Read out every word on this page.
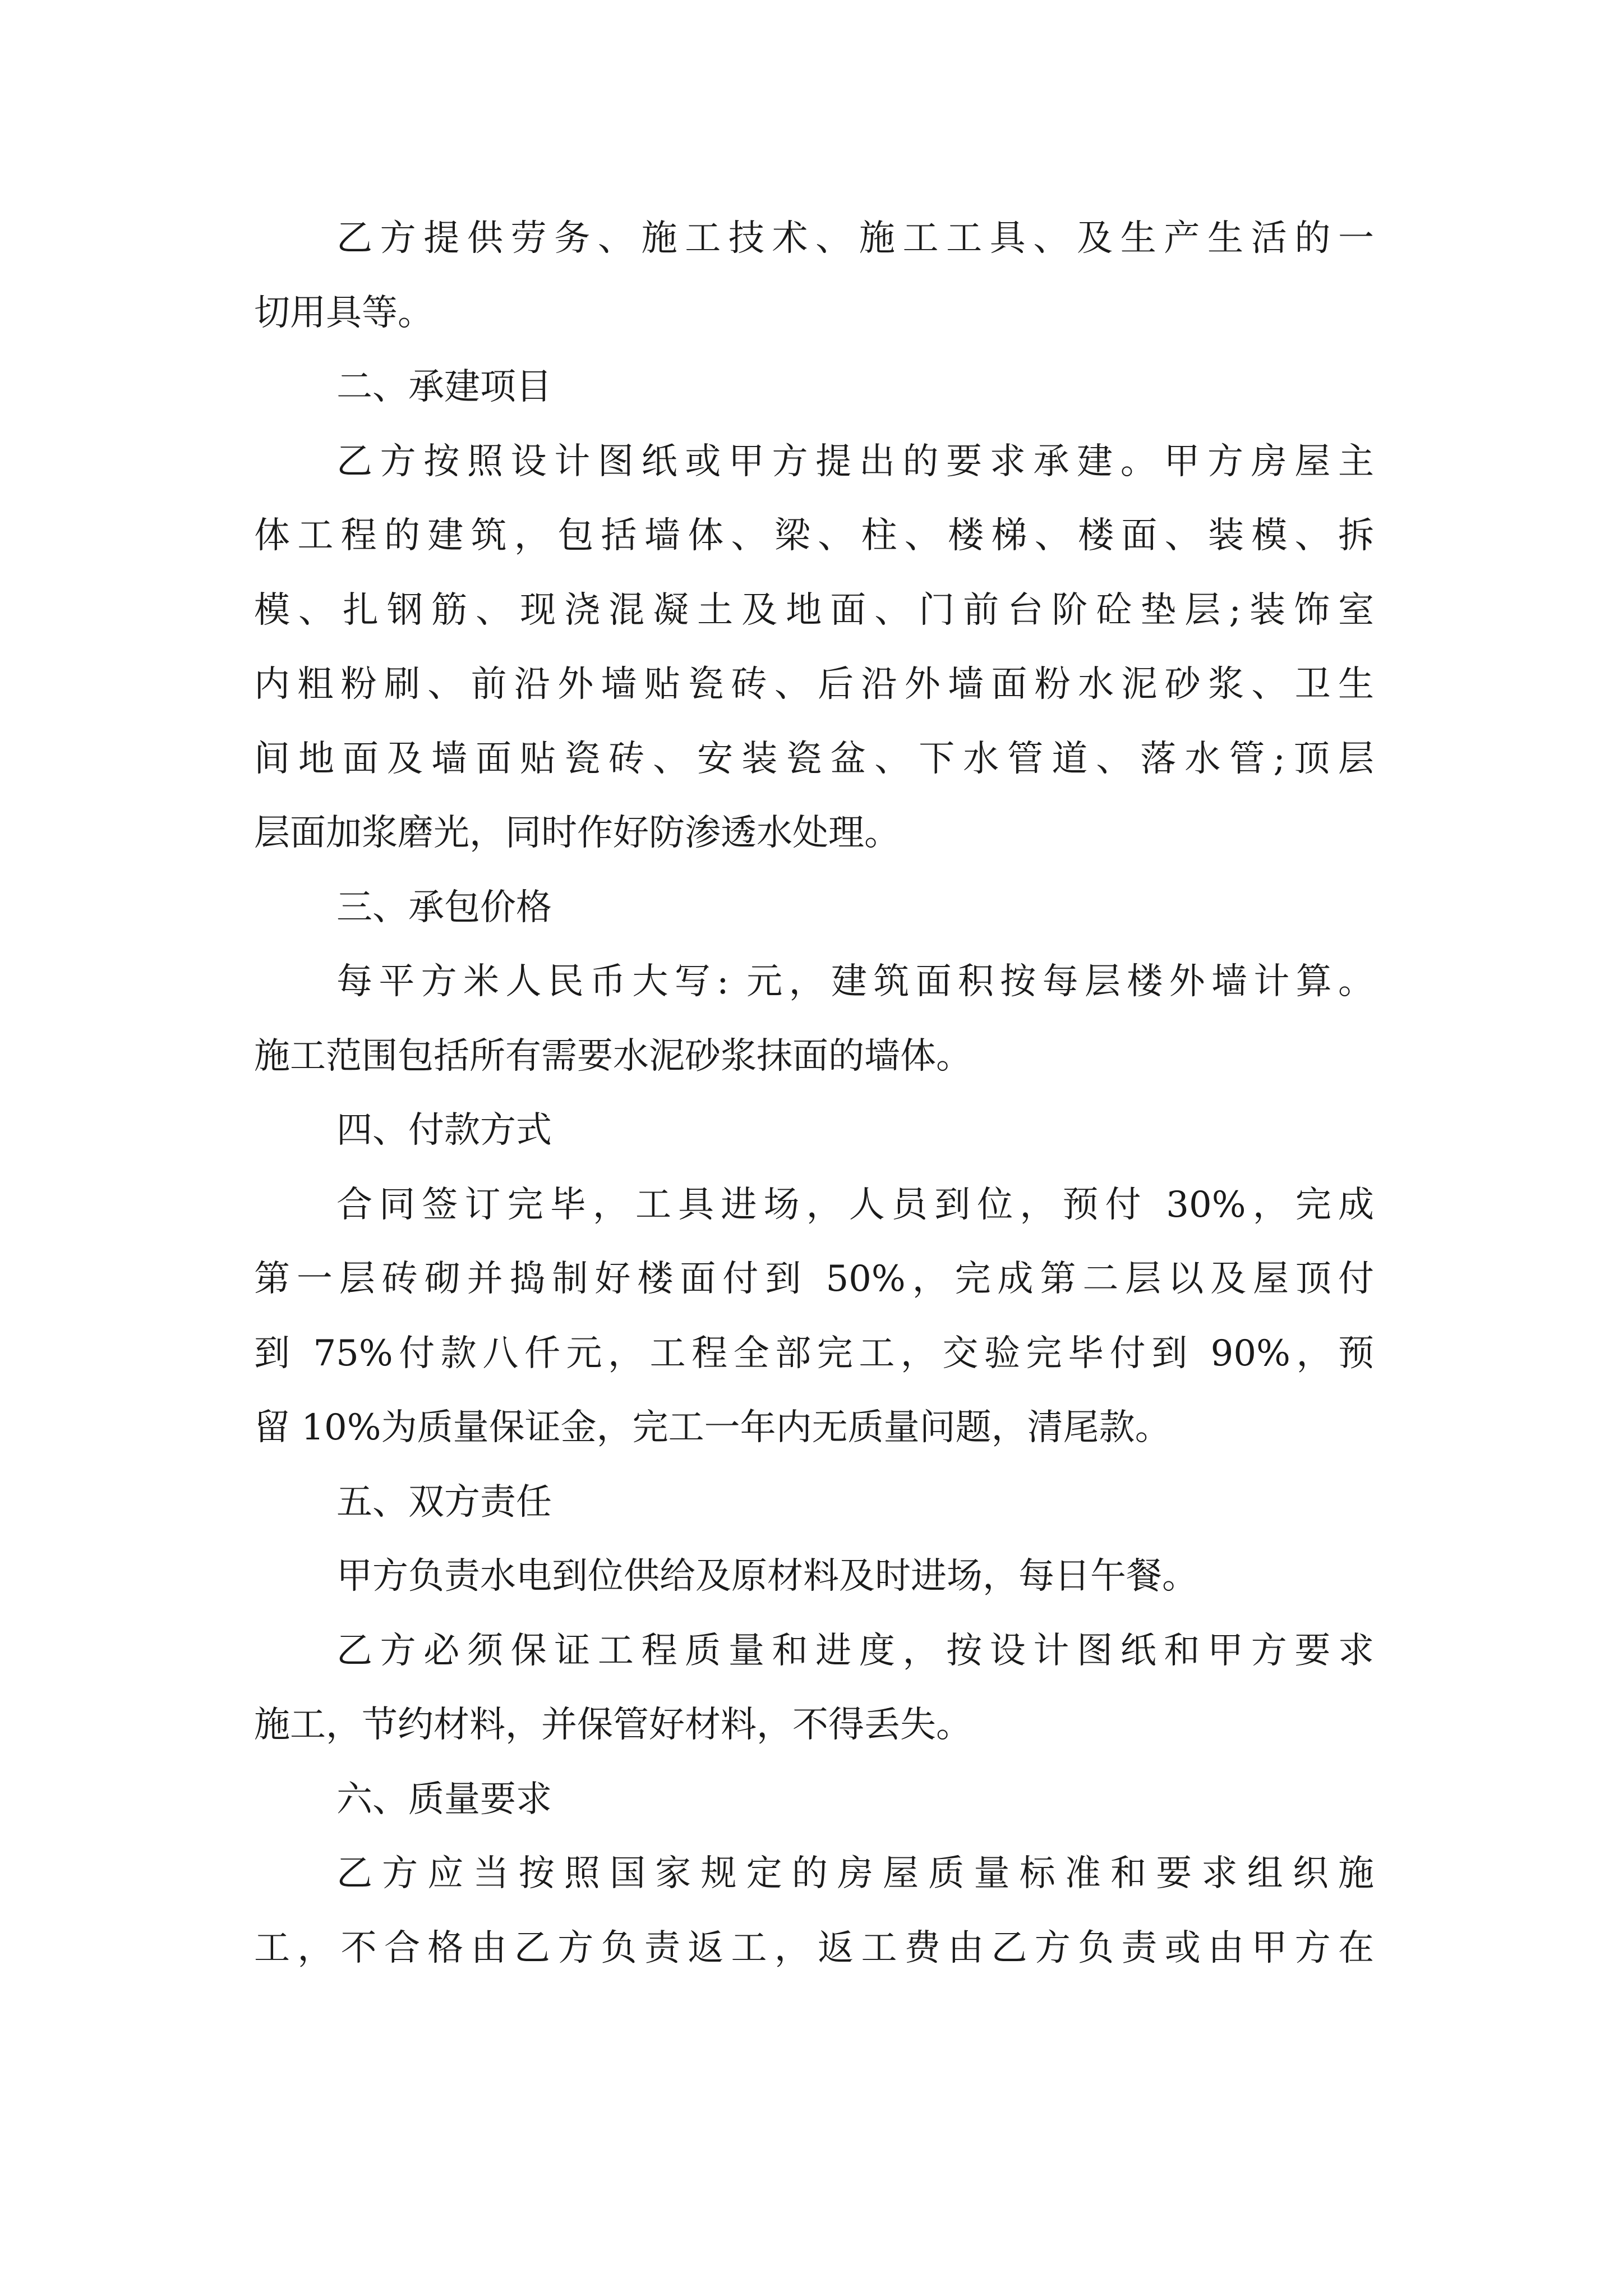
乙方提供劳务、施工技术、施工工具、及生产生活的一
切用具等。
二、承建项目
乙方按照设计图纸或甲方提出的要求承建。甲方房屋主
体工程的建筑，包括墙体、梁、柱、楼梯、楼面、装模、拆
模、扎钢筋、现浇混凝土及地面、门前台阶砼垫层;装饰室
内粗粉刷、前沿外墙贴瓷砖、后沿外墙面粉水泥砂浆、卫生
间地面及墙面贴瓷砖、安装瓷盆、下水管道、落水管;顶层
层面加浆磨光，同时作好防渗透水处理。
三、承包价格
每平方米人民币大写: 元，建筑面积按每层楼外墙计算。
施工范围包括所有需要水泥砂浆抹面的墙体。
四、付款方式
合同签订完毕，工具进场，人员到位，预付 30%，完成
第一层砖砌并捣制好楼面付到 50%，完成第二层以及屋顶付
到 75%付款八仟元，工程全部完工，交验完毕付到 90%，预
留 10%为质量保证金，完工一年内无质量问题，清尾款。
五、双方责任
甲方负责水电到位供给及原材料及时进场，每日午餐。
乙方必须保证工程质量和进度，按设计图纸和甲方要求
施工，节约材料，并保管好材料，不得丢失。
六、质量要求
乙方应当按照国家规定的房屋质量标准和要求组织施
工，不合格由乙方负责返工，返工费由乙方负责或由甲方在
